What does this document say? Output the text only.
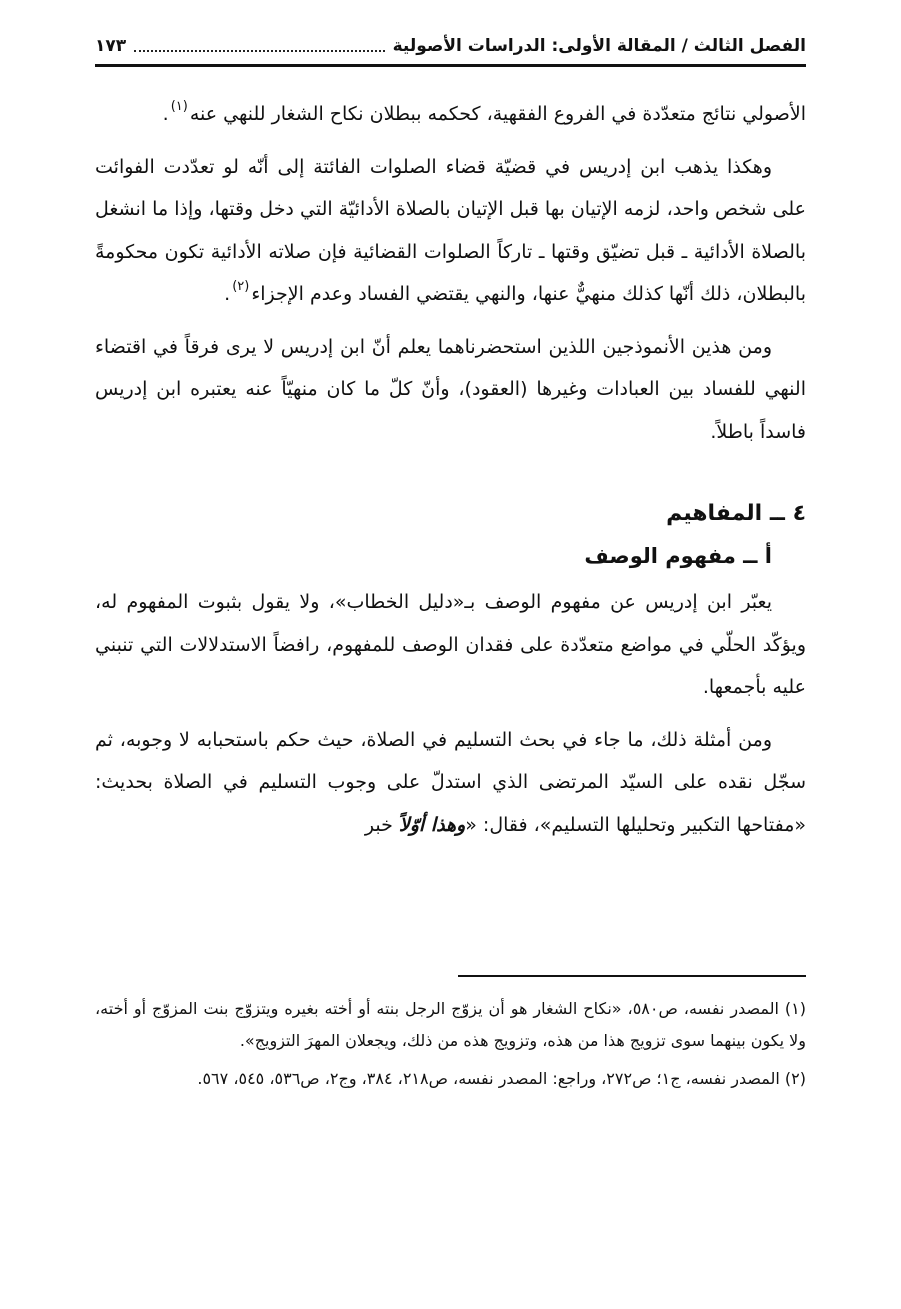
الفصل الثالث / المقالة الأولى: الدراسات الأصولية
١٧٣

الأصولي نتائج متعدّدة في الفروع الفقهية، كحكمه ببطلان نكاح الشغار للنهي عنه$^{(١)}$.

وهكذا يذهب ابن إدريس في قضيّة قضاء الصلوات الفائتة إلى أنّه لو تعدّدت الفوائت على شخص واحد، لزمه الإتيان بها قبل الإتيان بالصلاة الأدائيّة التي دخل وقتها، وإذا ما انشغل بالصلاة الأدائية ـ قبل تضيّق وقتها ـ تاركاً الصلوات القضائية فإن صلاته الأدائية تكون محكومةً بالبطلان، ذلك أنّها كذلك منهيٌّ عنها، والنهي يقتضي الفساد وعدم الإجزاء$^{(٢)}$.

ومن هذين الأنموذجين اللذين استحضرناهما يعلم أنّ ابن إدريس لا يرى فرقاً في اقتضاء النهي للفساد بين العبادات وغيرها (العقود)، وأنّ كلّ ما كان منهيّاً عنه يعتبره ابن إدريس فاسداً باطلاً.

٤ ــ المفاهيم

أ ــ مفهوم الوصف

يعبّر ابن إدريس عن مفهوم الوصف بـ«دليل الخطاب»، ولا يقول بثبوت المفهوم له، ويؤكّد الحلّي في مواضع متعدّدة على فقدان الوصف للمفهوم، رافضاً الاستدلالات التي تنبني عليه بأجمعها.

ومن أمثلة ذلك، ما جاء في بحث التسليم في الصلاة، حيث حكم باستحبابه لا وجوبه، ثم سجّل نقده على السيّد المرتضى الذي استدلّ على وجوب التسليم في الصلاة بحديث: «مفتاحها التكبير وتحليلها التسليم»، فقال: «وهذا أوّلاً خبر

(١) المصدر نفسه، ص٥٨٠، «نكاح الشغار هو أن يزوّج الرجل بنته أو أخته بغيره ويتزوّج بنت المزوّج أو أخته، ولا يكون بينهما سوى تزويج هذا من هذه، وتزويج هذه من ذلك، ويجعلان المهرَ التزويج».

(٢) المصدر نفسه، ج١؛ ص٢٧٢، وراجع: المصدر نفسه، ص٢١٨، ٣٨٤، وج٢، ص٥٣٦، ٥٤٥، ٥٦٧.
